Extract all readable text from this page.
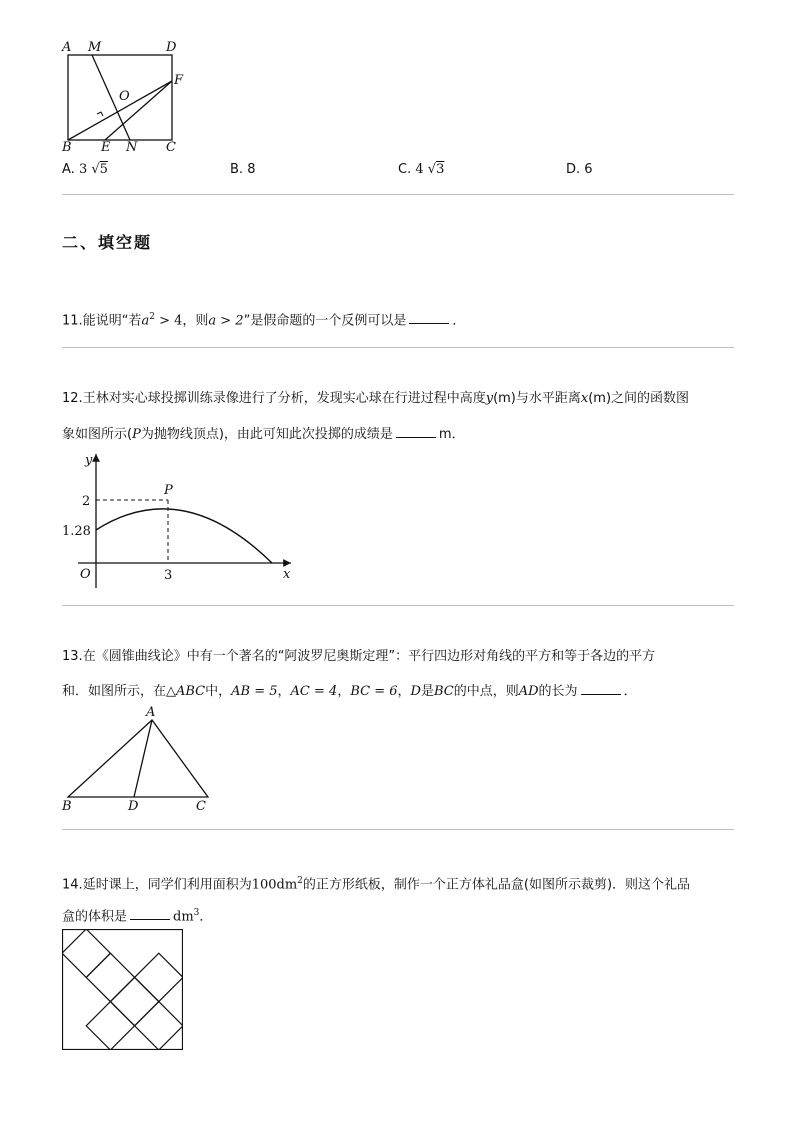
A M	D
F
O
B E N C
A. 3 √5	B. 8	C. 4 √3	D. 6
二、填空题
11.能说明“若$a^2 > 4$，则a > 2”是假命题的一个反例可以是	．
12.王林对实心球投掷训练录像进行了分析，发现实心球在行进过程中高度y(m)与水平距离x(m)之间的函数图
象如图所示(P为抛物线顶点)，由此可知此次投掷的成绩是	m．
y
x
O
P
2
1.28
3
13.在《圆锥曲线论》中有一个著名的“阿波罗尼奥斯定理”：平行四边形对角线的平方和等于各边的平方
和．如图所示，在△ABC中，AB = 5，AC = 4，BC = 6，D是BC的中点，则AD的长为	．
A
B	D	C
14.延时课上，同学们利用面积为$100dm^2$的正方形纸板，制作一个正方体礼品盒(如图所示裁剪)．则这个礼品
盒的体积是	$dm^3$．
